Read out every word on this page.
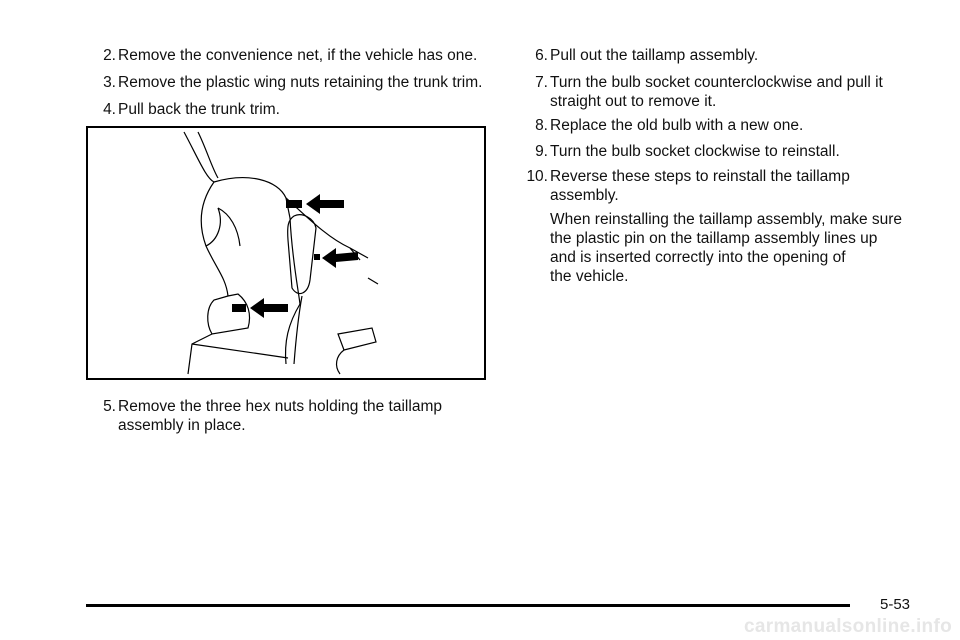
2. Remove the convenience net, if the vehicle has one.
3. Remove the plastic wing nuts retaining the trunk trim.
4. Pull back the trunk trim.
5. Remove the three hex nuts holding the taillamp
assembly in place.
6. Pull out the taillamp assembly.
7. Turn the bulb socket counterclockwise and pull it
straight out to remove it.
8. Replace the old bulb with a new one.
9. Turn the bulb socket clockwise to reinstall.
10. Reverse these steps to reinstall the taillamp
assembly.
When reinstalling the taillamp assembly, make sure
the plastic pin on the taillamp assembly lines up
and is inserted correctly into the opening of
the vehicle.
5-53
carmanualsonline.info
